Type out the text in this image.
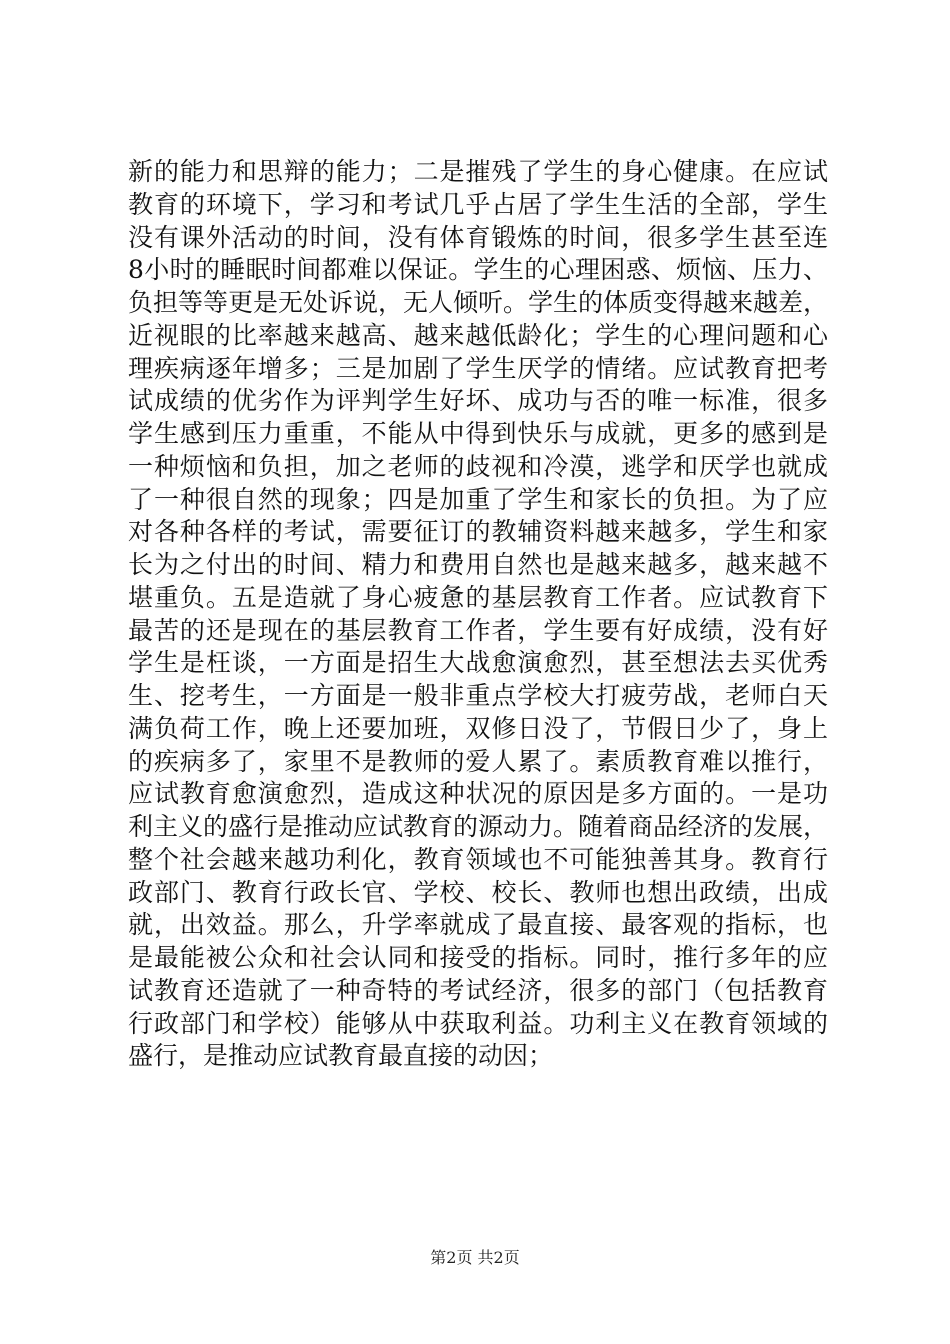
新的能力和思辩的能力；二是摧残了学生的身心健康。在应试
教育的环境下，学习和考试几乎占居了学生生活的全部，学生
没有课外活动的时间，没有体育锻炼的时间，很多学生甚至连
8小时的睡眠时间都难以保证。学生的心理困惑、烦恼、压力、
负担等等更是无处诉说，无人倾听。学生的体质变得越来越差，
近视眼的比率越来越高、越来越低龄化；学生的心理问题和心
理疾病逐年增多；三是加剧了学生厌学的情绪。应试教育把考
试成绩的优劣作为评判学生好坏、成功与否的唯一标准，很多
学生感到压力重重，不能从中得到快乐与成就，更多的感到是
一种烦恼和负担，加之老师的歧视和冷漠，逃学和厌学也就成
了一种很自然的现象；四是加重了学生和家长的负担。为了应
对各种各样的考试，需要征订的教辅资料越来越多，学生和家
长为之付出的时间、精力和费用自然也是越来越多，越来越不
堪重负。五是造就了身心疲惫的基层教育工作者。应试教育下
最苦的还是现在的基层教育工作者，学生要有好成绩，没有好
学生是枉谈，一方面是招生大战愈演愈烈，甚至想法去买优秀
生、挖考生，一方面是一般非重点学校大打疲劳战，老师白天
满负荷工作，晚上还要加班，双修日没了，节假日少了，身上
的疾病多了，家里不是教师的爱人累了。素质教育难以推行，
应试教育愈演愈烈，造成这种状况的原因是多方面的。一是功
利主义的盛行是推动应试教育的源动力。随着商品经济的发展，
整个社会越来越功利化，教育领域也不可能独善其身。教育行
政部门、教育行政长官、学校、校长、教师也想出政绩，出成
就，出效益。那么，升学率就成了最直接、最客观的指标，也
是最能被公众和社会认同和接受的指标。同时，推行多年的应
试教育还造就了一种奇特的考试经济，很多的部门（包括教育
行政部门和学校）能够从中获取利益。功利主义在教育领域的
盛行，是推动应试教育最直接的动因；
第2页 共2页
